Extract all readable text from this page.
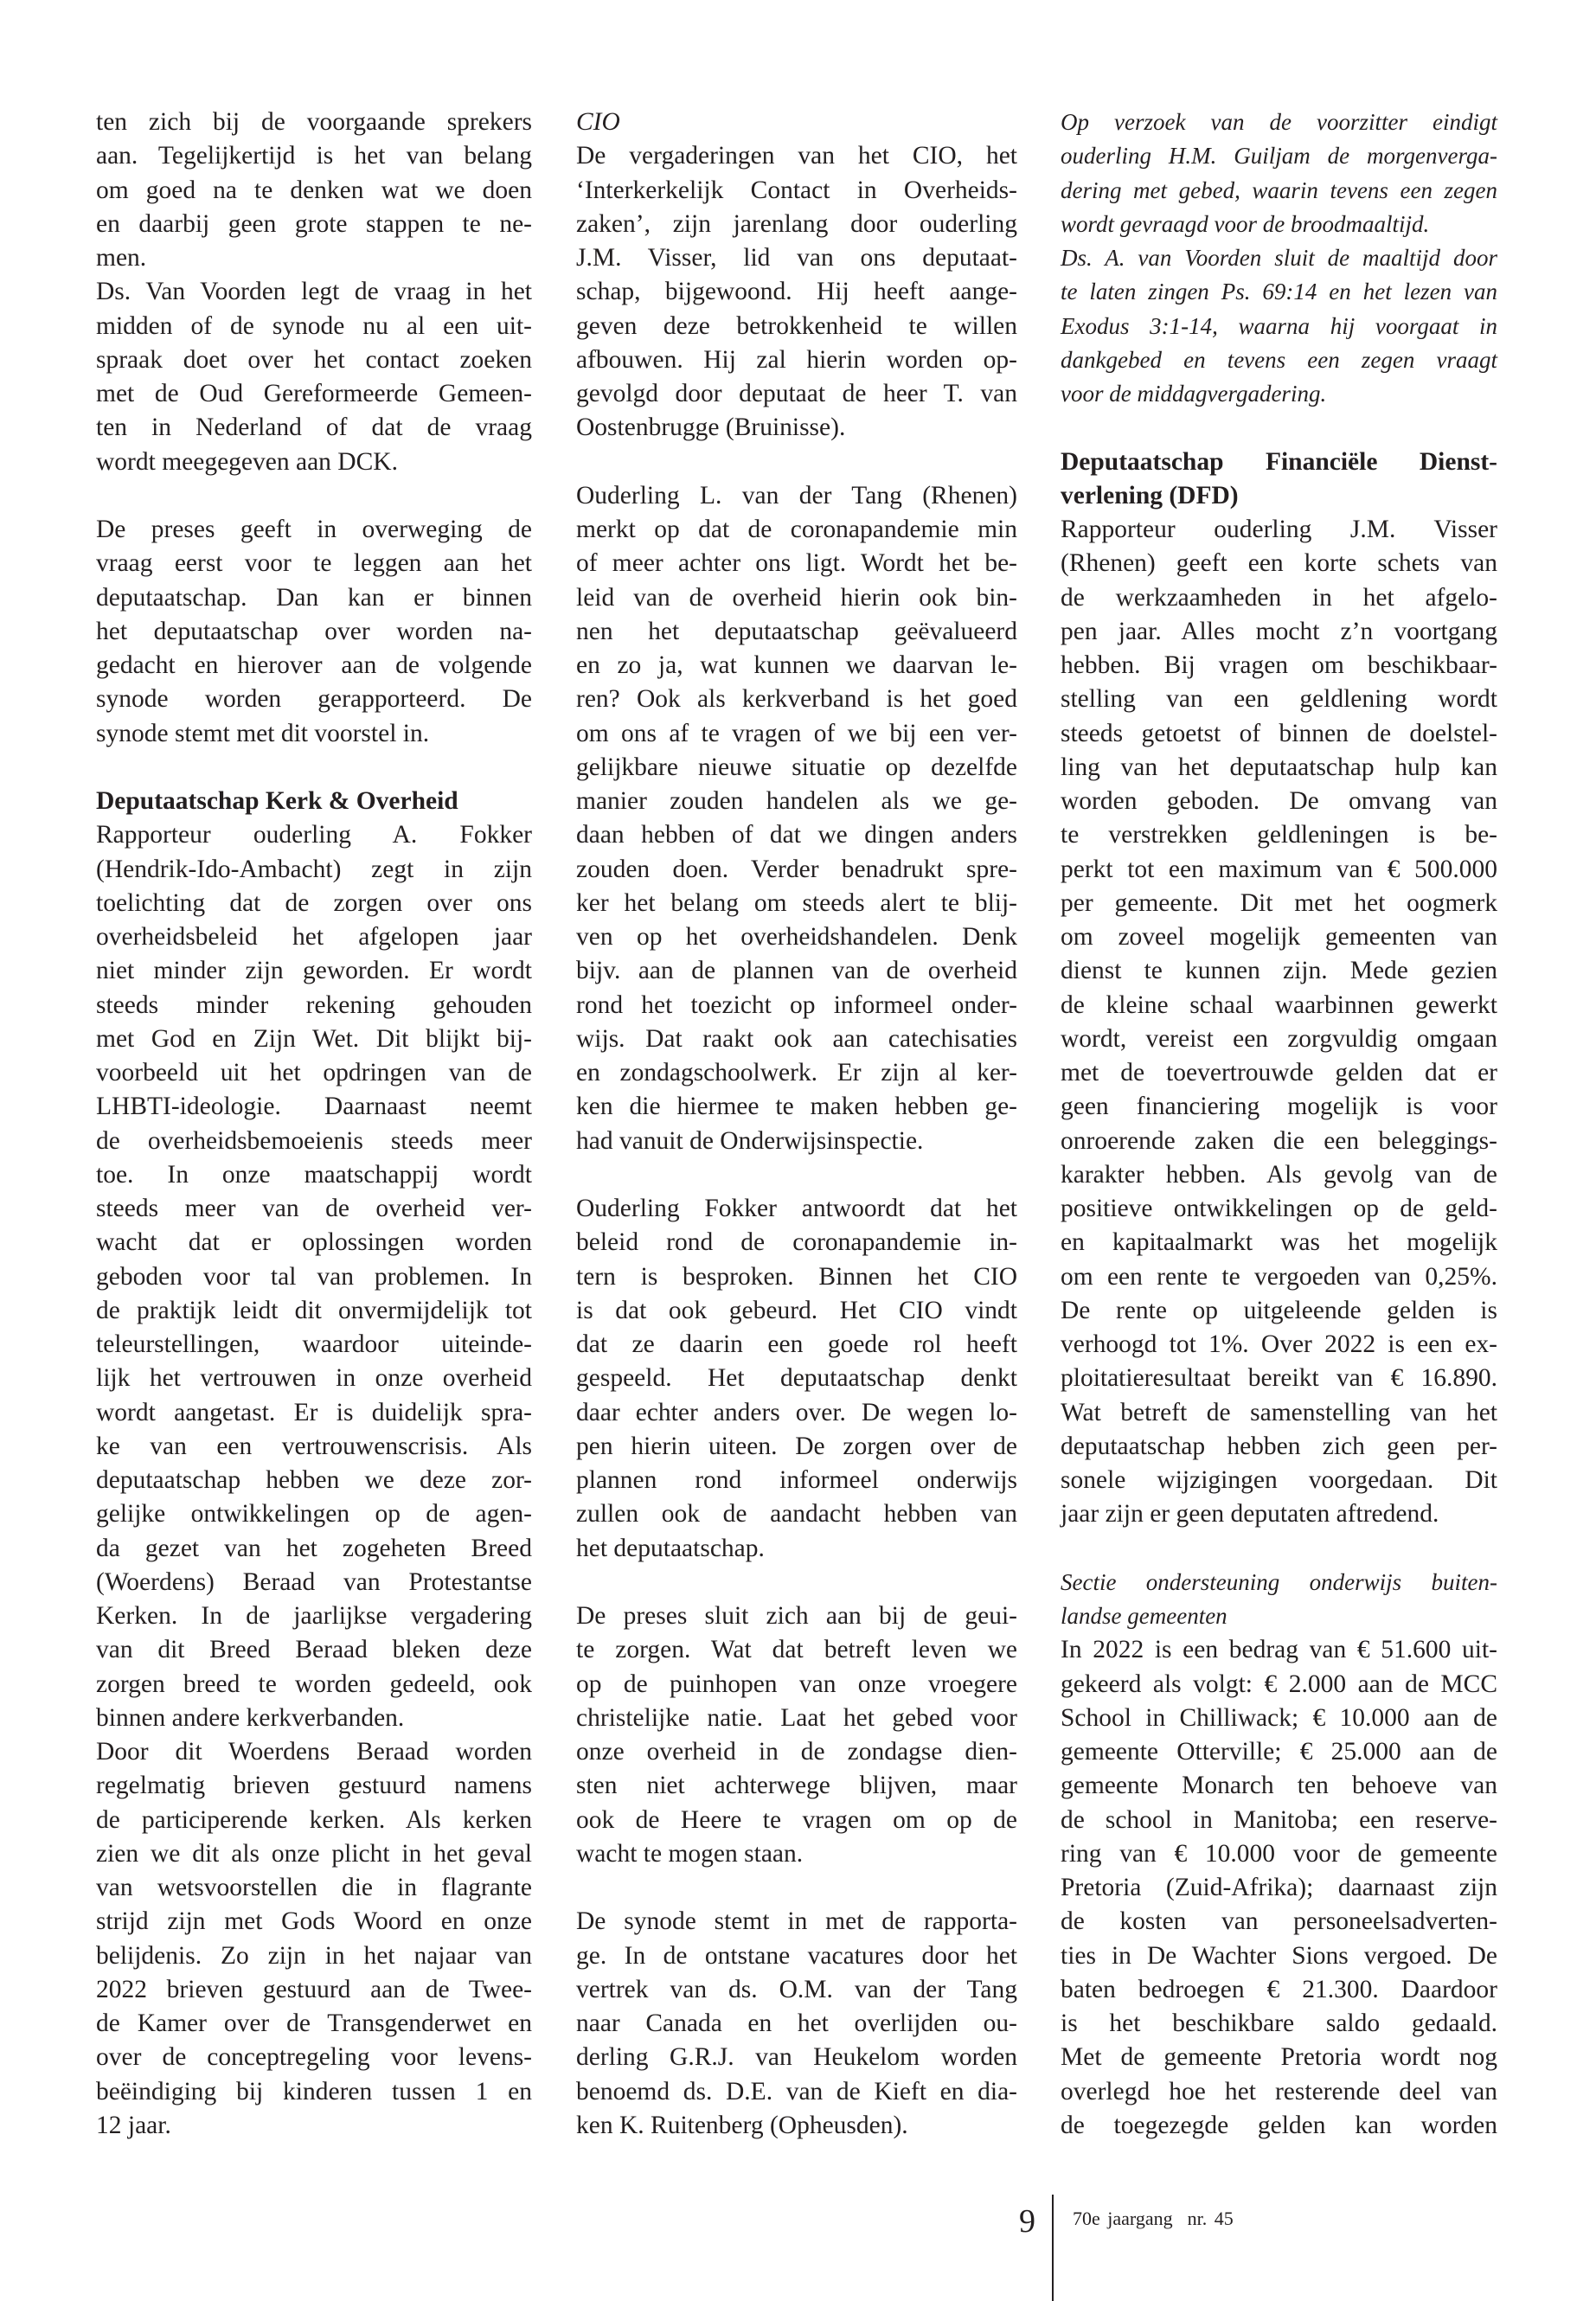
ten zich bij de voorgaande sprekers
aan. Tegelijkertijd is het van belang
om goed na te denken wat we doen
en daarbij geen grote stappen te ne-
men.
Ds. Van Voorden legt de vraag in het
midden of de synode nu al een uit-
spraak doet over het contact zoeken
met de Oud Gereformeerde Gemeen-
ten in Nederland of dat de vraag
wordt meegegeven aan DCK.
De preses geeft in overweging de
vraag eerst voor te leggen aan het
deputaatschap. Dan kan er binnen
het deputaatschap over worden na-
gedacht en hierover aan de volgende
synode worden gerapporteerd. De
synode stemt met dit voorstel in.
Deputaatschap Kerk & Overheid
Rapporteur ouderling A. Fokker
(Hendrik-Ido-Ambacht) zegt in zijn
toelichting dat de zorgen over ons
overheidsbeleid het afgelopen jaar
niet minder zijn geworden. Er wordt
steeds minder rekening gehouden
met God en Zijn Wet. Dit blijkt bij-
voorbeeld uit het opdringen van de
LHBTI-ideologie. Daarnaast neemt
de overheidsbemoeienis steeds meer
toe. In onze maatschappij wordt
steeds meer van de overheid ver-
wacht dat er oplossingen worden
geboden voor tal van problemen. In
de praktijk leidt dit onvermijdelijk tot
teleurstellingen, waardoor uiteinde-
lijk het vertrouwen in onze overheid
wordt aangetast. Er is duidelijk spra-
ke van een vertrouwenscrisis. Als
deputaatschap hebben we deze zor-
gelijke ontwikkelingen op de agen-
da gezet van het zogeheten Breed
(Woerdens) Beraad van Protestantse
Kerken. In de jaarlijkse vergadering
van dit Breed Beraad bleken deze
zorgen breed te worden gedeeld, ook
binnen andere kerkverbanden.
Door dit Woerdens Beraad worden
regelmatig brieven gestuurd namens
de participerende kerken. Als kerken
zien we dit als onze plicht in het geval
van wetsvoorstellen die in flagrante
strijd zijn met Gods Woord en onze
belijdenis. Zo zijn in het najaar van
2022 brieven gestuurd aan de Twee-
de Kamer over de Transgenderwet en
over de conceptregeling voor levens-
beëindiging bij kinderen tussen 1 en
12 jaar.
CIO
De vergaderingen van het CIO, het
‘Interkerkelijk Contact in Overheids-
zaken’, zijn jarenlang door ouderling
J.M. Visser, lid van ons deputaat-
schap, bijgewoond. Hij heeft aange-
geven deze betrokkenheid te willen
afbouwen. Hij zal hierin worden op-
gevolgd door deputaat de heer T. van
Oostenbrugge (Bruinisse).
Ouderling L. van der Tang (Rhenen)
merkt op dat de coronapandemie min
of meer achter ons ligt. Wordt het be-
leid van de overheid hierin ook bin-
nen het deputaatschap geëvalueerd
en zo ja, wat kunnen we daarvan le-
ren? Ook als kerkverband is het goed
om ons af te vragen of we bij een ver-
gelijkbare nieuwe situatie op dezelfde
manier zouden handelen als we ge-
daan hebben of dat we dingen anders
zouden doen. Verder benadrukt spre-
ker het belang om steeds alert te blij-
ven op het overheidshandelen. Denk
bijv. aan de plannen van de overheid
rond het toezicht op informeel onder-
wijs. Dat raakt ook aan catechisaties
en zondagschoolwerk. Er zijn al ker-
ken die hiermee te maken hebben ge-
had vanuit de Onderwijsinspectie.
Ouderling Fokker antwoordt dat het
beleid rond de coronapandemie in-
tern is besproken. Binnen het CIO
is dat ook gebeurd. Het CIO vindt
dat ze daarin een goede rol heeft
gespeeld. Het deputaatschap denkt
daar echter anders over. De wegen lo-
pen hierin uiteen. De zorgen over de
plannen rond informeel onderwijs
zullen ook de aandacht hebben van
het deputaatschap.
De preses sluit zich aan bij de geui-
te zorgen. Wat dat betreft leven we
op de puinhopen van onze vroegere
christelijke natie. Laat het gebed voor
onze overheid in de zondagse dien-
sten niet achterwege blijven, maar
ook de Heere te vragen om op de
wacht te mogen staan.
De synode stemt in met de rapporta-
ge. In de ontstane vacatures door het
vertrek van ds. O.M. van der Tang
naar Canada en het overlijden ou-
derling G.R.J. van Heukelom worden
benoemd ds. D.E. van de Kieft en dia-
ken K. Ruitenberg (Opheusden).
Op verzoek van de voorzitter eindigt
ouderling H.M. Guiljam de morgenverga-
dering met gebed, waarin tevens een zegen
wordt gevraagd voor de broodmaaltijd.
Ds. A. van Voorden sluit de maaltijd door
te laten zingen Ps. 69:14 en het lezen van
Exodus 3:1-14, waarna hij voorgaat in
dankgebed en tevens een zegen vraagt
voor de middagvergadering.
Deputaatschap Financiële Dienst-
verlening (DFD)
Rapporteur ouderling J.M. Visser
(Rhenen) geeft een korte schets van
de werkzaamheden in het afgelo-
pen jaar. Alles mocht z’n voortgang
hebben. Bij vragen om beschikbaar-
stelling van een geldlening wordt
steeds getoetst of binnen de doelstel-
ling van het deputaatschap hulp kan
worden geboden. De omvang van
te verstrekken geldleningen is be-
perkt tot een maximum van € 500.000
per gemeente. Dit met het oogmerk
om zoveel mogelijk gemeenten van
dienst te kunnen zijn. Mede gezien
de kleine schaal waarbinnen gewerkt
wordt, vereist een zorgvuldig omgaan
met de toevertrouwde gelden dat er
geen financiering mogelijk is voor
onroerende zaken die een beleggings-
karakter hebben. Als gevolg van de
positieve ontwikkelingen op de geld-
en kapitaalmarkt was het mogelijk
om een rente te vergoeden van 0,25%.
De rente op uitgeleende gelden is
verhoogd tot 1%. Over 2022 is een ex-
ploitatieresultaat bereikt van € 16.890.
Wat betreft de samenstelling van het
deputaatschap hebben zich geen per-
sonele wijzigingen voorgedaan. Dit
jaar zijn er geen deputaten aftredend.
Sectie ondersteuning onderwijs buiten-
landse gemeenten
In 2022 is een bedrag van € 51.600 uit-
gekeerd als volgt: € 2.000 aan de MCC
School in Chilliwack; € 10.000 aan de
gemeente Otterville; € 25.000 aan de
gemeente Monarch ten behoeve van
de school in Manitoba; een reserve-
ring van € 10.000 voor de gemeente
Pretoria (Zuid-Afrika); daarnaast zijn
de kosten van personeelsadverten-
ties in De Wachter Sions vergoed. De
baten bedroegen € 21.300. Daardoor
is het beschikbare saldo gedaald.
Met de gemeente Pretoria wordt nog
overlegd hoe het resterende deel van
de toegezegde gelden kan worden
9 70e jaargang  nr. 45
